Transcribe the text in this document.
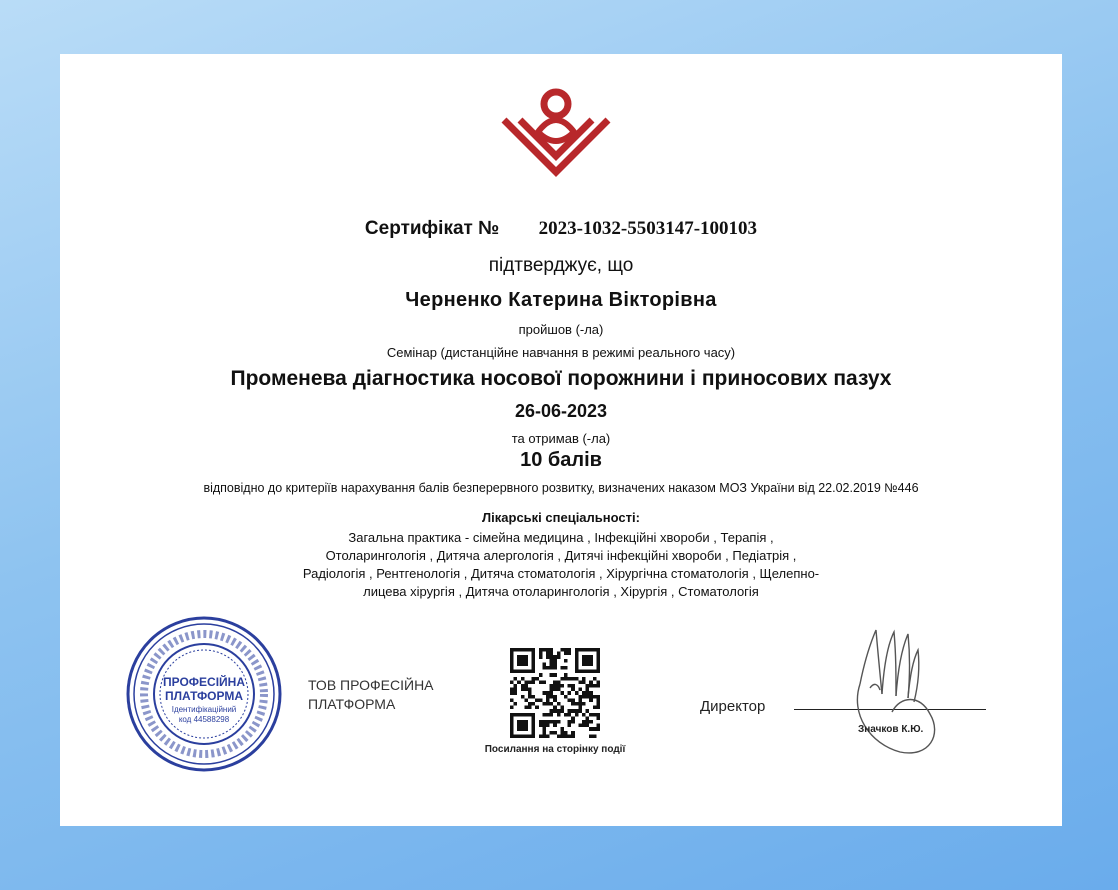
Сертифікат № 2023-1032-5503147-100103
підтверджує, що
Черненко Катерина Вікторівна
пройшов (-ла)
Семінар (дистанційне навчання в режимі реального часу)
Променева діагностика носової порожнини і приносових пазух
26-06-2023
та отримав (-ла)
10 балів
відповідно до критеріїв нарахування балів безперервного розвитку, визначених наказом МОЗ України від 22.02.2019 №446
Лікарські спеціальності:
Загальна практика - сімейна медицина , Інфекційні хвороби , Терапія ,
Отоларингологія , Дитяча алергологія , Дитячі інфекційні хвороби , Педіатрія ,
Радіологія , Рентгенологія , Дитяча стоматологія , Хірургічна стоматологія , Щелепно-
лицева хірургія , Дитяча отоларингологія , Хірургія , Стоматологія
ПРОФЕСІЙНА
ПЛАТФОРМА
Ідентифікаційний
код 44588298
ТОВ ПРОФЕСІЙНА
ПЛАТФОРМА
Посилання на сторінку події
Директор
Значков К.Ю.
